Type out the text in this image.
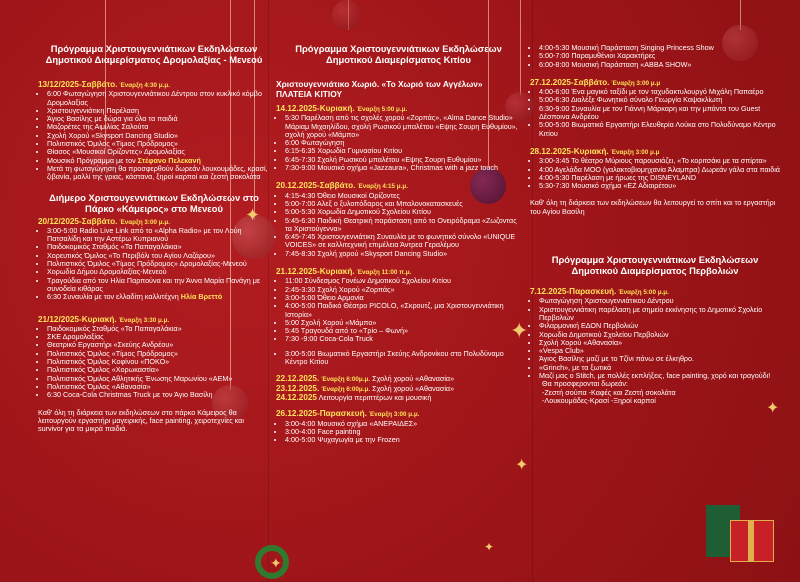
✦
✦
✦
✦
✦
✦
Πρόγραμμα Χριστουγεννιάτικων Εκδηλώσεων Δημοτικού Διαμερίσματος Δρομολαξίας - Μενεού
13/12/2025-Σαββάτο. Έναρξη 4:30 μ.μ.
• 6:00 Φωταγώγηση Χριστουγεννιάτικου Δέντρου στον κυκλικό κόμβο Δρομολαξίας
• Χριστουγεννιάτικη Παρέλαση
• Άγιος Βασίλης με δώρα για όλα τα παιδιά
• Μαζορέτες της Αιμιλίας Σαλούτα
• Σχολή Χορού «Skysport Dancing Studio»
• Πολιτιστικός Όμιλος «Τίμιος Πρόδρομος»
• Θίασος «Μουσικοί Ορίζοντες» Δρομολαξίας
• Μουσικό Πρόγραμμα με τον Στέφανο Πελεκανή
• Μετά τη φωταγώγηση θα προσφερθούν δωρεάν λουκουμάδες, κρασί, ζιβανία, μαλλί της γριας, κάστανα, ξηροί καρποί και ζεστή σοκολάτα
Διήμερο Χριστουγεννιάτικων Εκδηλώσεων στο Πάρκο «Κάμειρος» στο Μενεού
20/12/2025-Σαββάτο. Έναρξη 3:00 μ.μ.
• 3:00-5:00 Radio Live Link από το «Alpha Radio» με τον Λούη Πατσαλίδη και την Αστέρω Κυπριανού
• Παιδοκομικός Σταθμός «Τα Παπαγαλάκια»
• Χορευτικός Όμιλος «Το Περιβόλι του Αγίου Λαζάρου»
• Πολιτιστικός Όμιλος «Τίμιος Πρόδρομος» Δρομολαξίας-Μενεού
• Χορωδία Δήμου Δρομολαξίας-Μενεού
• Τραγούδια από τον Ηλία Παρπούνα και την Άννα Μαρία Πανάγη με συνοδεία κιθάρας
• 6:30 Συναυλία με τον ελλαδίτη καλλιτέχνη Ηλία Βρεττό
21/12/2025-Κυριακή. Έναρξη 3:30 μ.μ.
• Παιδοκομικός Σταθμός «Τα Παπαγαλάκια»
• ΣΚΕ Δρομολαξίας
• Θεατρικό Εργαστήρι «Σκεύης Ανδρέου»
• Πολιτιστικός Όμιλος «Τίμιος Πρόδρομος»
• Πολιτιστικός Όμιλος Κοφίνου «ΠΟΚΟ»
• Πολιτιστικός Όμιλος «Χορωκαστία»
• Πολιτιστικός Όμιλος Αθλητικής Ένωσης Μαρωνίου «ΑΕΜ»
• Πολιτιστικός Όμιλος «Αθανασία»
• 6:30 Coca-Cola Christmas Truck με τον Άγιο Βασίλη
Καθ' όλη τη διάρκεια των εκδηλώσεων στο πάρκο Κάμειρος θα λειτουργούν εργαστήρι μαγειρικής, face painting, χειροτεχνίες και survivor για τα μικρά παιδιά.
Πρόγραμμα Χριστουγεννιάτικων Εκδηλώσεων Δημοτικού Διαμερίσματος Κιτίου
Χριστουγεννιάτικο Χωριό. «Το Χωριό των Αγγέλων»
ΠΛΑΤΕΙΑ ΚΙΤΙΟΥ
14.12.2025-Κυριακή. Έναρξη 5:00 μ.μ.
• 5:30 Παρέλαση από τις σχολές χορού «Zορπάς», «Alma Dance Studio» Μάριαμ Μιχαηλίδου, σχολή Ρωσικού μπαλέτου «Εψης Σουρη Ευθυμίου», σχολή χορού «Μάμπο»
• 6:00 Φωταγώγηση
• 6:15-6:35 Χορωδία Γυμνασίου Κιτίου
• 6:45-7:30 Σχολή Ρωσικού μπαλέτου «Εψης Σουρη Ευθυμίου»
• 7:30-9:00 Μουσικό σχήμα «Jazzaura», Christmas with a jazz touch
20.12.2025-Σαββάτο. Έναρξη 4:15 μ.μ.
• 4:15-4:30 Όθειο Μουσικοί Ορίζοντες
• 5:00-7:00 Αλεξ ο ξυλοπόδαρος και Μπαλονοκατασκευές
• 5:00-5:30 Χορωδία Δημοτικού Σχολείου Κιτίου
• 5:45-6:30 Παιδική Θεατρική παράσταση από το Ονειρόδραμα «Ζωζοντας τα Χριστούγεννα»
• 6:45-7:45 Χριστουγεννιάτικη Συναυλία με το φωνητικό σύνολο «UNIQUE VOICES» σε καλλιτεχνική επιμέλεια Άντρεα Γεραλέμου
• 7:45-8:30 Σχολή χορού «Skysport Dancing Studio»
21.12.2025-Κυριακή. Έναρξη 11:00 π.μ.
• 11:00 Σύνδεσμος Γονέων Δημοτικού Σχολείου Κιτίου
• 2:45-3:30 Σχολή Χορού «Ζορπάς»
• 3:00-5:00 Όθειο Αρμονία
• 4:00-5:00 Παιδικό Θέατρο PICOLO, «Σκρουτζ, μια Χριστουγεννιάτικη Ιστορία»
• 5:00 Σχολή Χορού «Μάμπο»
• 5:45 Τραγουδά από το «Τρίο – Φωνή»
• 7:30 -9:00 Coca-Cola Truck
• 3:00-5:00 Βιωματικό Εργαστήρι Σκεύης Ανδρονίκου στο Πολυδύναμο Κέντρο Κιτίου
22.12.2025. Έναρξη 6:00μ.μ. Σχολή χορού «Αθανασία»
23.12.2025. Έναρξη 6:00μ.μ. Σχολή χορού «Αθανασία»
24.12.2025 Λειτουργία περιπτέρων και μουσική
26.12.2025-Παρασκευή. Έναρξη 3:00 μ.μ.
• 3:00-4:00 Μουσικό σχήμα «ΑΝΕΡΑΙΔΕΣ»
• 3:00-4:00 Face painting
• 4:00-5:00 Ψυχαγωγία με την Frozen
• 4:00-5:30 Μουσική Παράσταση Singing Princess Show
• 5:00-7:00 Παραμυθένιοι Χαρακτήρες
• 6:00-8:00 Μουσική Παράσταση «ABBA SHOW»
27.12.2025-Σαββάτο. Έναρξη 3:00 μ.μ
• 4:00-6:00 Ένα μαγικό ταξίδι με τον ταχυδακτυλουργό Μιχάλη Παπαέρο
• 5:00-6:30 Διαλέξε Φωνητικό σύνολο Γεωργία Καψακλίωτη
• 6:30-9:00 Συναυλία με τον Γιάννη Μάρκαρη και την μπάντα του Guest Δέσποινα Ανδρέου
• 5:00-5:00 Βιωματικό Εργαστήρι Ελευθερία Λούκα στο Πολυδύναμο Κέντρο Κιτίου
28.12.2025-Κυριακή. Έναρξη 3:00 μ.μ
• 3:00-3:45 Το θέατρο Μύριους παρουσιάζει, «Το κοριτσάκι με τα σπίρτα»
• 4:00 Αγελάδα ΜΟΟ (γαλακτοβιομηχανία Άλαμπρα) Δωρεάν γάλα στα παιδιά
• 4:00-5:30 Παρέλαση με ήρωες της DISNEYLAND
• 5:30-7:30 Μουσικό σχήμα «ΕΖ Αδιαιρέτου»
Καθ' όλη τη διάρκεια των εκδηλώσεων θα λειτουργεί το σπίτι και το εργαστήρι του Αγίου Βασίλη
Πρόγραμμα Χριστουγεννιάτικων Εκδηλώσεων Δημοτικού Διαμερίσματος Περβολιών
7.12.2025-Παρασκευή. Έναρξη 5:00 μ.μ.
• Φωταγώγηση Χριστουγεννιάτικου Δέντρου
• Χριστουγεννιάτικη παρέλαση με σημείο εκκίνησης το Δημοτικό Σχολείο Περβολιών
• Φιλαρμονική ΕΔΟΝ Περβολιών
• Χορωδία Δημοτικού Σχολείου Περβολιών
• Σχολή Χορού «Αθανασία»
• «Vespa Club»
• Άγιος Βασίλης μαζί με το Τζίνι πάνω σε έλκηθρο.
• «Grinch», με τα ξωτικά
• Μαζί μας ο Stitch, με πολλές εκπλήξεις, face painting, χορό και τραγούδι!
Θα προσφερονται δωρεάν:
-Ζεστή σούπα -Καφές και Ζεστή σοκολάτα
-Λουκουμάδες-Κρασί -Ξηροί καρποί
